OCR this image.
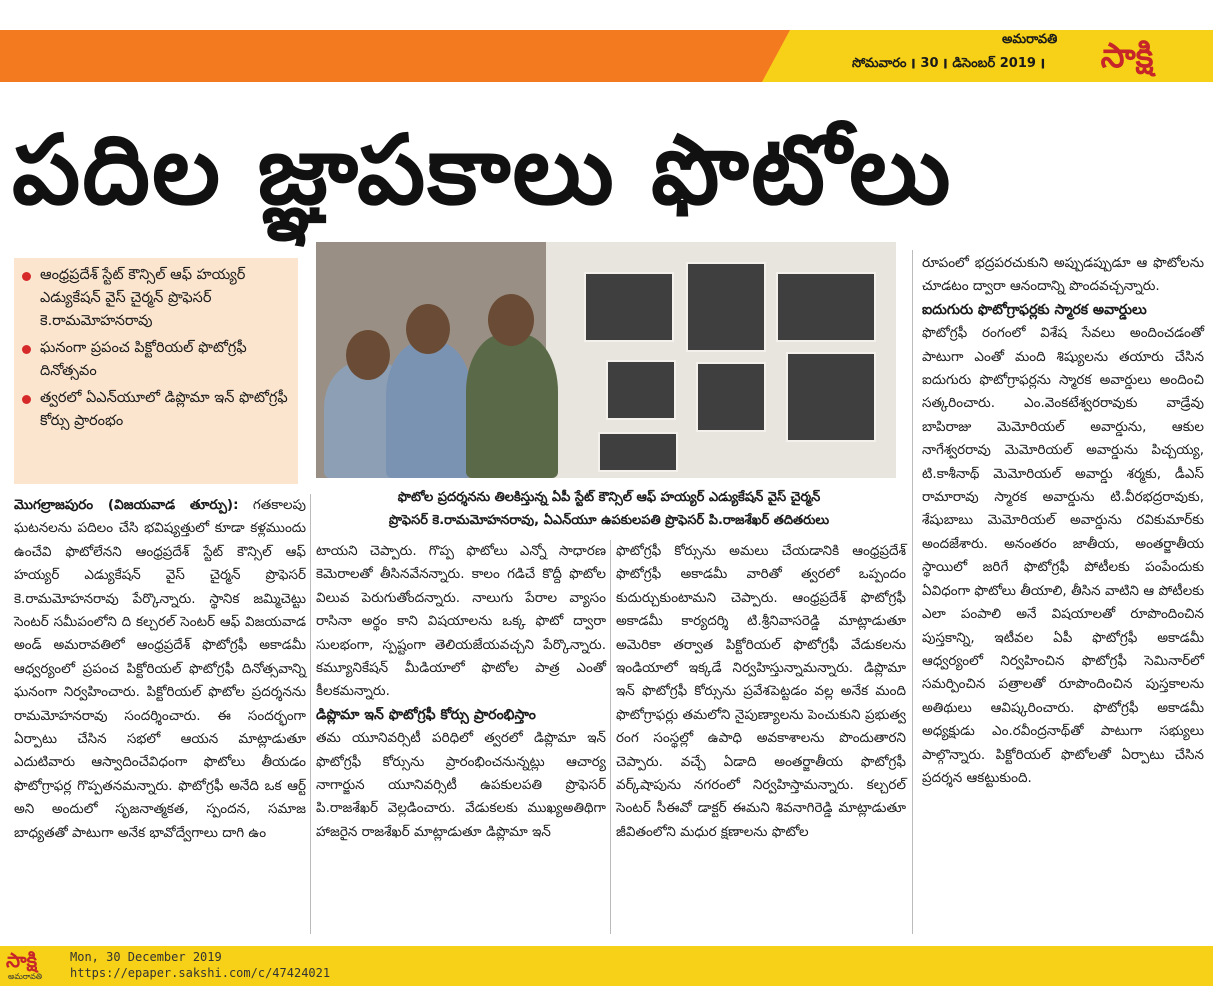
అమరావతి
సోమవారం ׀ 30 ׀ డిసెంబర్ ׀ 2019	సాక్షి
పదిల జ్ఞాపకాలు ఫొటోలు
ఆంధ్రప్రదేశ్ స్టేట్ కౌన్సిల్ ఆఫ్ హయ్యర్ ఎడ్యుకేషన్ వైస్ చైర్మన్ ప్రొఫెసర్ కె.రామమోహనరావు
ఘనంగా ప్రపంచ పిక్టోరియల్ ఫొటోగ్రఫీ దినోత్సవం
త్వరలో ఏఎన్‌యూలో డిప్లొమా ఇన్ ఫొటోగ్రఫీ కోర్సు ప్రారంభం
ఫొటోల ప్రదర్శనను తిలకిస్తున్న ఏపీ స్టేట్ కౌన్సిల్ ఆఫ్ హయ్యర్ ఎడ్యుకేషన్ వైస్ చైర్మన్
ప్రొఫెసర్ కె.రామమోహనరావు, ఏఎన్‌యూ ఉపకులపతి ప్రొఫెసర్ పి.రాజశేఖర్ తదితరులు

మొగల్రాజపురం (విజయవాడ తూర్పు): గతకాలపు ఘటనలను పదిలం చేసి భవిష్యత్తులో కూడా కళ్లముందు ఉంచేవి ఫొటోలేనని ఆంధ్రప్రదేశ్ స్టేట్ కౌన్సిల్ ఆఫ్ హయ్యర్ ఎడ్యుకేషన్ వైస్ చైర్మన్ ప్రొఫెసర్ కె.రామమోహనరావు పేర్కొన్నారు. స్థానిక జమ్మిచెట్టు సెంటర్ సమీపంలోని ది కల్చరల్ సెంటర్ ఆఫ్ విజయవాడ అండ్ అమరావతిలో ఆంధ్రప్రదేశ్ ఫొటోగ్రఫీ అకాడమీ ఆధ్వర్యంలో ప్రపంచ పిక్టోరియల్ ఫొటోగ్రఫీ దినోత్సవాన్ని ఘనంగా నిర్వహించారు. పిక్టోరియల్ ఫొటోల ప్రదర్శనను రామమోహనరావు సందర్శించారు. ఈ సందర్భంగా ఏర్పాటు చేసిన సభలో ఆయన మాట్లాడుతూ ఎదుటివారు ఆస్వాదించేవిధంగా ఫొటోలు తీయడం ఫొటోగ్రాఫర్ల గొప్పతనమన్నారు. ఫొటోగ్రఫీ అనేది ఒక ఆర్ట్ అని అందులో సృజనాత్మకత, స్పందన, సమాజ బాధ్యతతో పాటుగా అనేక భావోద్వేగాలు దాగి ఉం

టాయని చెప్పారు. గొప్ప ఫొటోలు ఎన్నో సాధారణ కెమెరాలతో తీసినవేనన్నారు. కాలం గడిచే కొద్దీ ఫొటోల విలువ పెరుగుతోందన్నారు. నాలుగు పేరాల వ్యాసం రాసినా అర్థం కాని విషయాలను ఒక్క ఫొటో ద్వారా సులభంగా, స్పష్టంగా తెలియజేయవచ్చని పేర్కొన్నారు. కమ్యూనికేషన్ మీడియాలో ఫొటోల పాత్ర ఎంతో కీలకమన్నారు.

డిప్లొమా ఇన్ ఫొటోగ్రఫీ కోర్సు ప్రారంభిస్తాం

తమ యూనివర్సిటీ పరిధిలో త్వరలో డిప్లొమా ఇన్ ఫొటోగ్రఫీ కోర్సును ప్రారంభించనున్నట్లు ఆచార్య నాగార్జున యూనివర్సిటీ ఉపకులపతి ప్రొఫెసర్ పి.రాజశేఖర్ వెల్లడించారు. వేడుకలకు ముఖ్యఅతిథిగా హాజరైన రాజశేఖర్ మాట్లాడుతూ డిప్లొమా ఇన్

ఫొటోగ్రఫీ కోర్సును అమలు చేయడానికి ఆంధ్రప్రదేశ్ ఫొటోగ్రఫీ అకాడమీ వారితో త్వరలో ఒప్పందం కుదుర్చుకుంటామని చెప్పారు. ఆంధ్రప్రదేశ్ ఫొటోగ్రఫీ అకాడమీ కార్యదర్శి టి.శ్రీనివాసరెడ్డి మాట్లాడుతూ అమెరికా తర్వాత పిక్టోరియల్ ఫొటోగ్రఫీ వేడుకలను ఇండియాలో ఇక్కడే నిర్వహిస్తున్నామన్నారు. డిప్లొమా ఇన్ ఫొటోగ్రఫీ కోర్సును ప్రవేశపెట్టడం వల్ల అనేక మంది ఫొటోగ్రాఫర్లు తమలోని నైపుణ్యాలను పెంచుకుని ప్రభుత్వ రంగ సంస్థల్లో ఉపాధి అవకాశాలను పొందుతారని చెప్పారు. వచ్చే ఏడాది అంతర్జాతీయ ఫొటోగ్రఫీ వర్క్‌షాపును నగరంలో నిర్వహిస్తామన్నారు. కల్చరల్ సెంటర్ సీఈవో డాక్టర్ ఈమని శివనాగిరెడ్డి మాట్లాడుతూ జీవితంలోని మధుర క్షణాలను ఫొటోల

రూపంలో భద్రపరచుకుని అప్పుడప్పుడూ ఆ ఫొటోలను చూడటం ద్వారా ఆనందాన్ని పొందవచ్చన్నారు.

ఐదుగురు ఫొటోగ్రాఫర్లకు స్మారక అవార్డులు

ఫొటోగ్రఫీ రంగంలో విశేష సేవలు అందించడంతో పాటుగా ఎంతో మంది శిష్యులను తయారు చేసిన ఐదుగురు ఫొటోగ్రాఫర్లను స్మారక అవార్డులు అందించి సత్కరించారు. ఎం.వెంకటేశ్వరరావుకు వాడ్రేవు బాపిరాజు మెమోరియల్ అవార్డును, ఆకుల నాగేశ్వరరావు మెమోరియల్ అవార్డును పిచ్చయ్య, టి.కాశీనాథ్ మెమోరియల్ అవార్డు శర్మకు, డీఎస్ రామారావు స్మారక అవార్డును టి.వీరభద్రరావుకు, శేషుబాబు మెమోరియల్ అవార్డును రవికుమార్‌కు అందజేశారు. అనంతరం జాతీయ, అంతర్జాతీయ స్థాయిలో జరిగే ఫొటోగ్రఫీ పోటీలకు పంపేందుకు ఏవిధంగా ఫొటోలు తీయాలి, తీసిన వాటిని ఆ పోటీలకు ఎలా పంపాలి అనే విషయాలతో రూపొందించిన పుస్తకాన్ని, ఇటీవల ఏపీ ఫొటోగ్రఫీ అకాడమీ ఆధ్వర్యంలో నిర్వహించిన ఫొటోగ్రఫీ సెమినార్‌లో సమర్పించిన పత్రాలతో రూపొందించిన పుస్తకాలను అతిథులు ఆవిష్కరించారు. ఫొటోగ్రఫీ అకాడమీ అధ్యక్షుడు ఎం.రవీంద్రనాథ్‌తో పాటుగా సభ్యులు పాల్గొన్నారు. పిక్టోరియల్ ఫొటోలతో ఏర్పాటు చేసిన ప్రదర్శన ఆకట్టుకుంది.

సాక్షి
అమరావతి
Mon, 30 December 2019
https://epaper.sakshi.com/c/47424021
